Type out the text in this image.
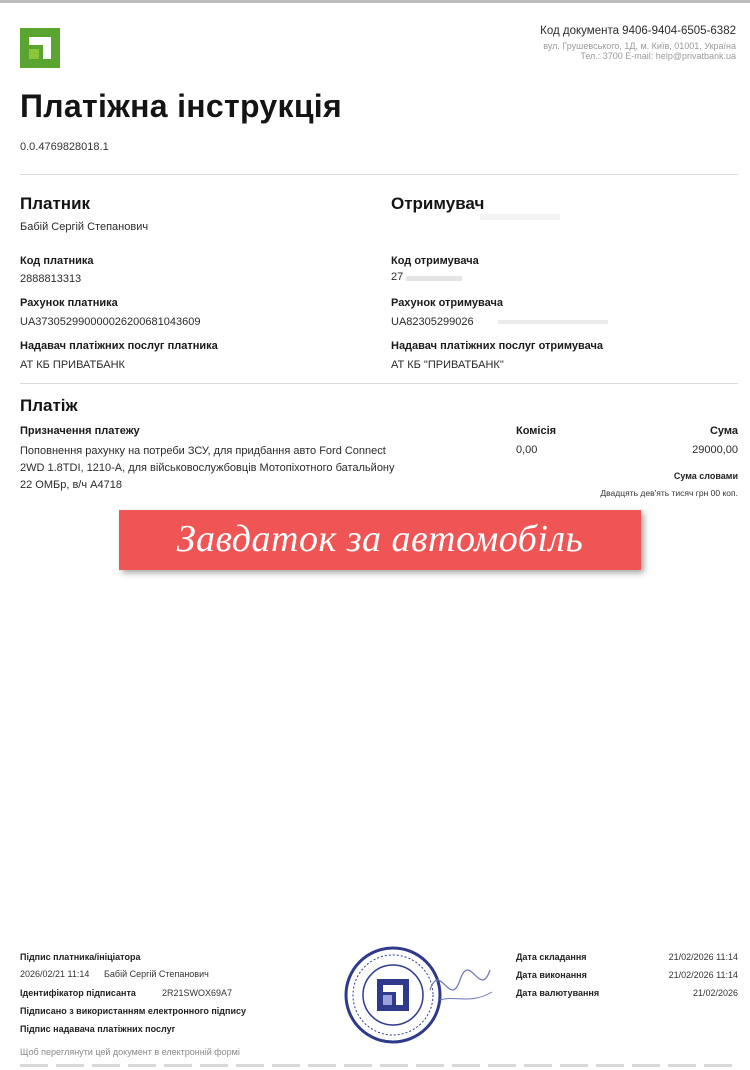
Код документа 9406-9404-6505-6382
вул. Грушевського, 1Д, м. Київ, 01001, Україна
Тел.: 3700 E-mail: help@privatbank.ua
Платіжна інструкція
0.0.4769828018.1
Платник
Бабій Сергій Степанович
Код платника
2888813313
Рахунок платника
UA373052990000026200681043609
Надавач платіжних послуг платника
АТ КБ ПРИВАТБАНК
Отримувач
Код отримувача
27
Рахунок отримувача
UA82305299026
Надавач платіжних послуг отримувача
АТ КБ "ПРИВАТБАНК"
Платіж
Призначення платежу
Поповнення рахунку на потреби ЗСУ, для придбання авто Ford Connect 2WD 1.8TDI, 1210-А, для військовослужбовців Мотопіхотного батальйону 22 ОМБр, в/ч А4718
Комісія
0,00
Сума
29000,00
Сума словами
Двадцять дев'ять тисяч грн 00 коп.
Завдаток за автомобіль
Підпис платника/ініціатора
2026/02/21 11:14 Бабій Сергій Степанович
Ідентифікатор підписанта	2R21SWOX69A7
Підписано з використанням електронного підпису
Підпис надавача платіжних послуг
Щоб переглянути цей документ в електронній формі
Дата складання	21/02/2026 11:14
Дата виконання	21/02/2026 11:14
Дата валютування	21/02/2026
